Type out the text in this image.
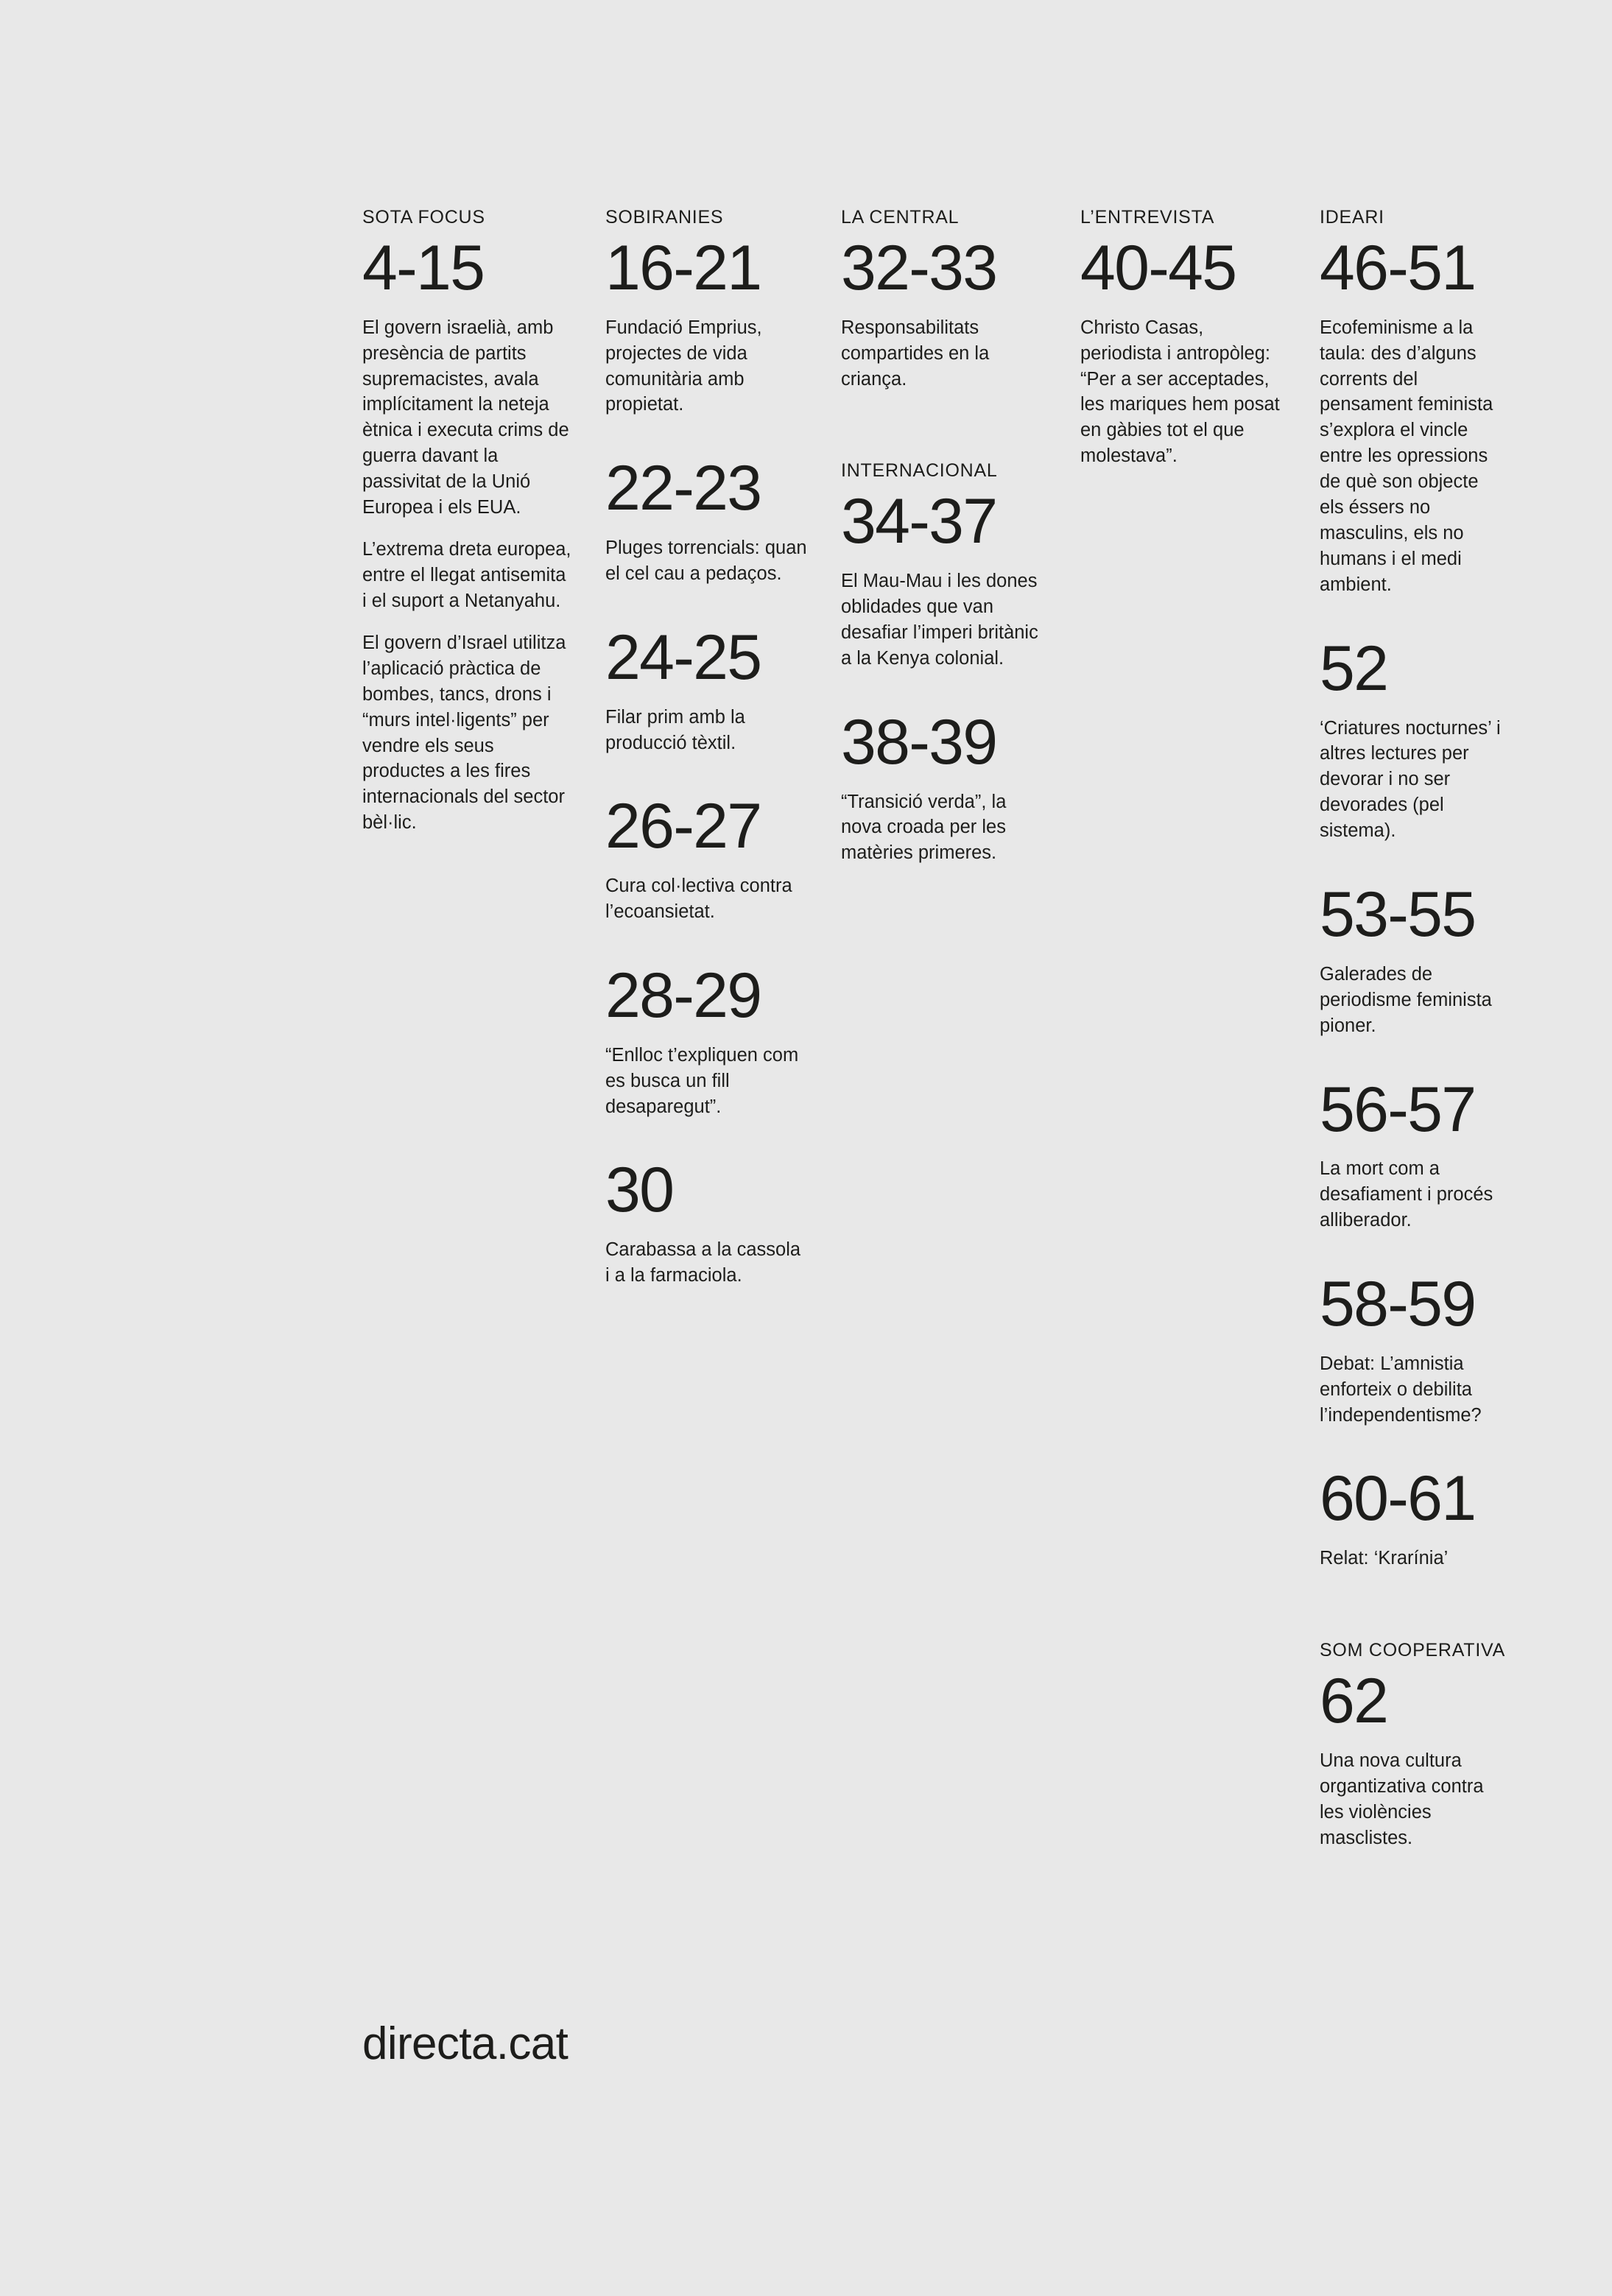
SOTA FOCUS
4-15

El govern israelià, amb presència de partits supremacistes, avala implícitament la neteja ètnica i executa crims de guerra davant la passivitat de la Unió Europea i els EUA.

L’extrema dreta europea, entre el llegat antisemita i el suport a Netanyahu.

El govern d’Israel utilitza l’aplicació pràctica de bombes, tancs, drons i “murs intel·ligents” per vendre els seus productes a les fires internacionals del sector bèl·lic.

SOBIRANIES
16-21

Fundació Emprius, projectes de vida comunitària amb propietat.

22-23

Pluges torrencials: quan el cel cau a pedaços.

24-25

Filar prim amb la producció tèxtil.

26-27

Cura col·lectiva contra l’ecoansietat.

28-29

“Enlloc t’expliquen com es busca un fill desaparegut”.

30

Carabassa a la cassola i a la farmaciola.

LA CENTRAL
32-33

Responsabilitats compartides en la criança.

INTERNACIONAL
34-37

El Mau-Mau i les dones oblidades que van desafiar l’imperi britànic a la Kenya colonial.

38-39

“Transició verda”, la nova croada per les matèries primeres.

L’ENTREVISTA
40-45

Christo Casas, periodista i antropòleg: “Per a ser acceptades, les mariques hem posat en gàbies tot el que molestava”.

IDEARI
46-51

Ecofeminisme a la taula: des d’alguns corrents del pensament feminista s’explora el vincle entre les opressions de què son objecte els éssers no masculins, els no humans i el medi ambient.

52

‘Criatures nocturnes’ i altres lectures per devorar i no ser devorades (pel sistema).

53-55

Galerades de periodisme feminista pioner.

56-57

La mort com a desafiament i procés alliberador.

58-59

Debat: L’amnistia enforteix o debilita l’independentisme?

60-61

Relat: ‘Krarínia’

SOM COOPERATIVA
62

Una nova cultura organtizativa contra les violències masclistes.

directa.cat
